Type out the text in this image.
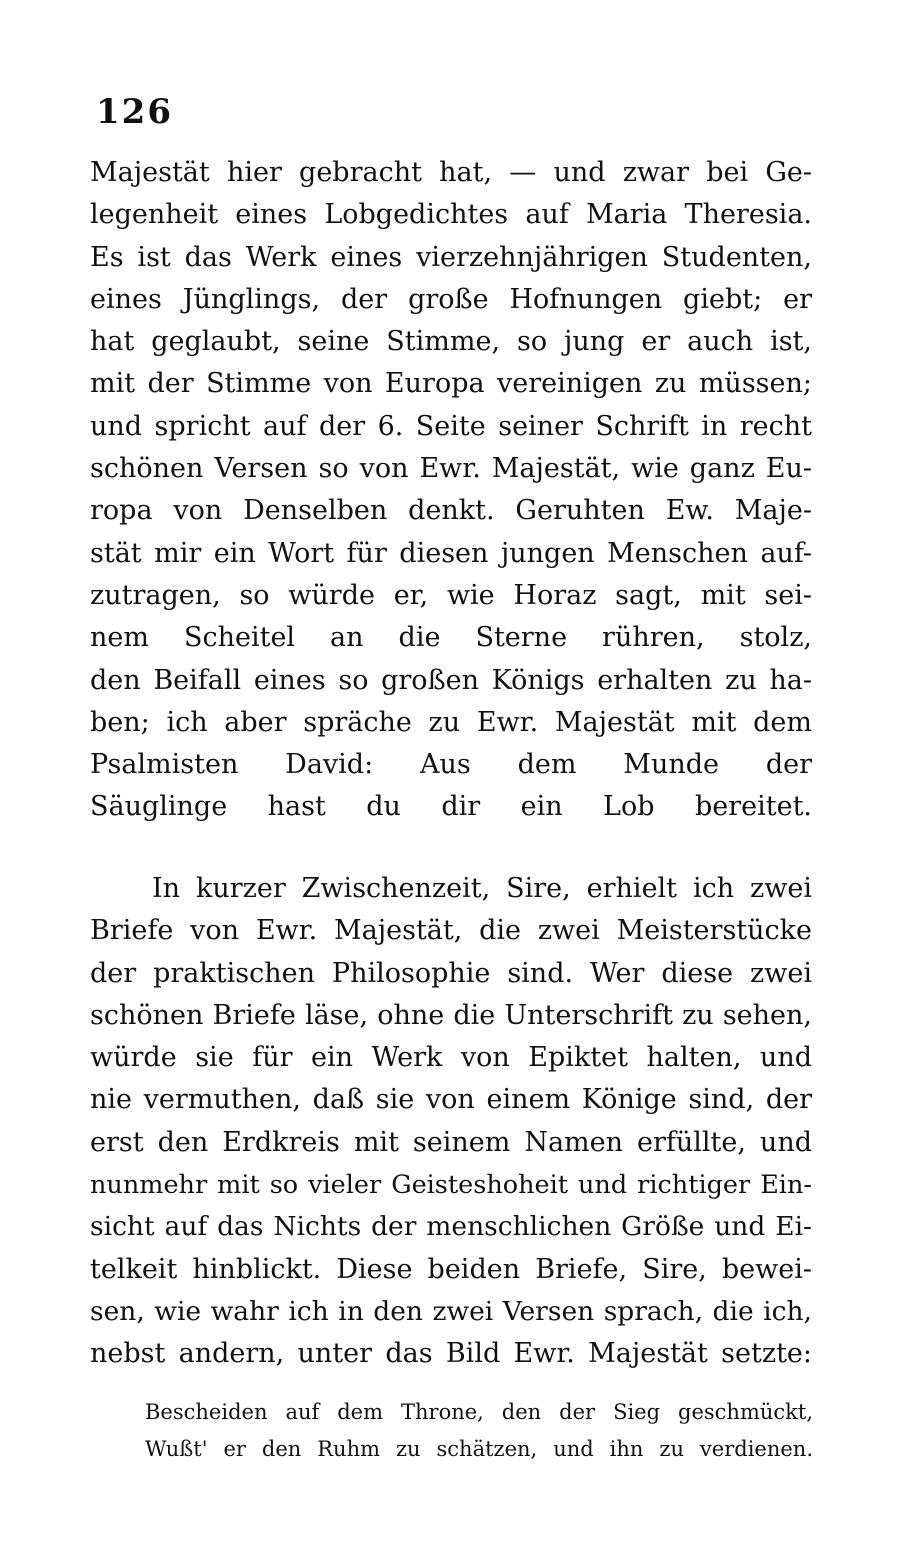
126
Majestät hier gebracht hat, — und zwar bei Ge-
legenheit eines Lobgedichtes auf Maria Theresia.
Es ist das Werk eines vierzehnjährigen Studenten,
eines Jünglings, der große Hofnungen giebt; er
hat geglaubt, seine Stimme, so jung er auch ist,
mit der Stimme von Europa vereinigen zu müssen;
und spricht auf der 6. Seite seiner Schrift in recht
schönen Versen so von Ewr. Majestät, wie ganz Eu-
ropa von Denselben denkt. Geruhten Ew. Maje-
stät mir ein Wort für diesen jungen Menschen auf-
zutragen, so würde er, wie Horaz sagt, mit sei-
nem Scheitel an die Sterne rühren, stolz,
den Beifall eines so großen Königs erhalten zu ha-
ben; ich aber spräche zu Ewr. Majestät mit dem
Psalmisten David: Aus dem Munde der
Säuglinge hast du dir ein Lob bereitet.
In kurzer Zwischenzeit, Sire, erhielt ich zwei
Briefe von Ewr. Majestät, die zwei Meisterstücke
der praktischen Philosophie sind. Wer diese zwei
schönen Briefe läse, ohne die Unterschrift zu sehen,
würde sie für ein Werk von Epiktet halten, und
nie vermuthen, daß sie von einem Könige sind, der
erst den Erdkreis mit seinem Namen erfüllte, und
nunmehr mit so vieler Geisteshoheit und richtiger Ein-
sicht auf das Nichts der menschlichen Größe und Ei-
telkeit hinblickt. Diese beiden Briefe, Sire, bewei-
sen, wie wahr ich in den zwei Versen sprach, die ich,
nebst andern, unter das Bild Ewr. Majestät setzte:
Bescheiden auf dem Throne, den der Sieg geschmückt,
Wußt' er den Ruhm zu schätzen, und ihn zu verdienen.
